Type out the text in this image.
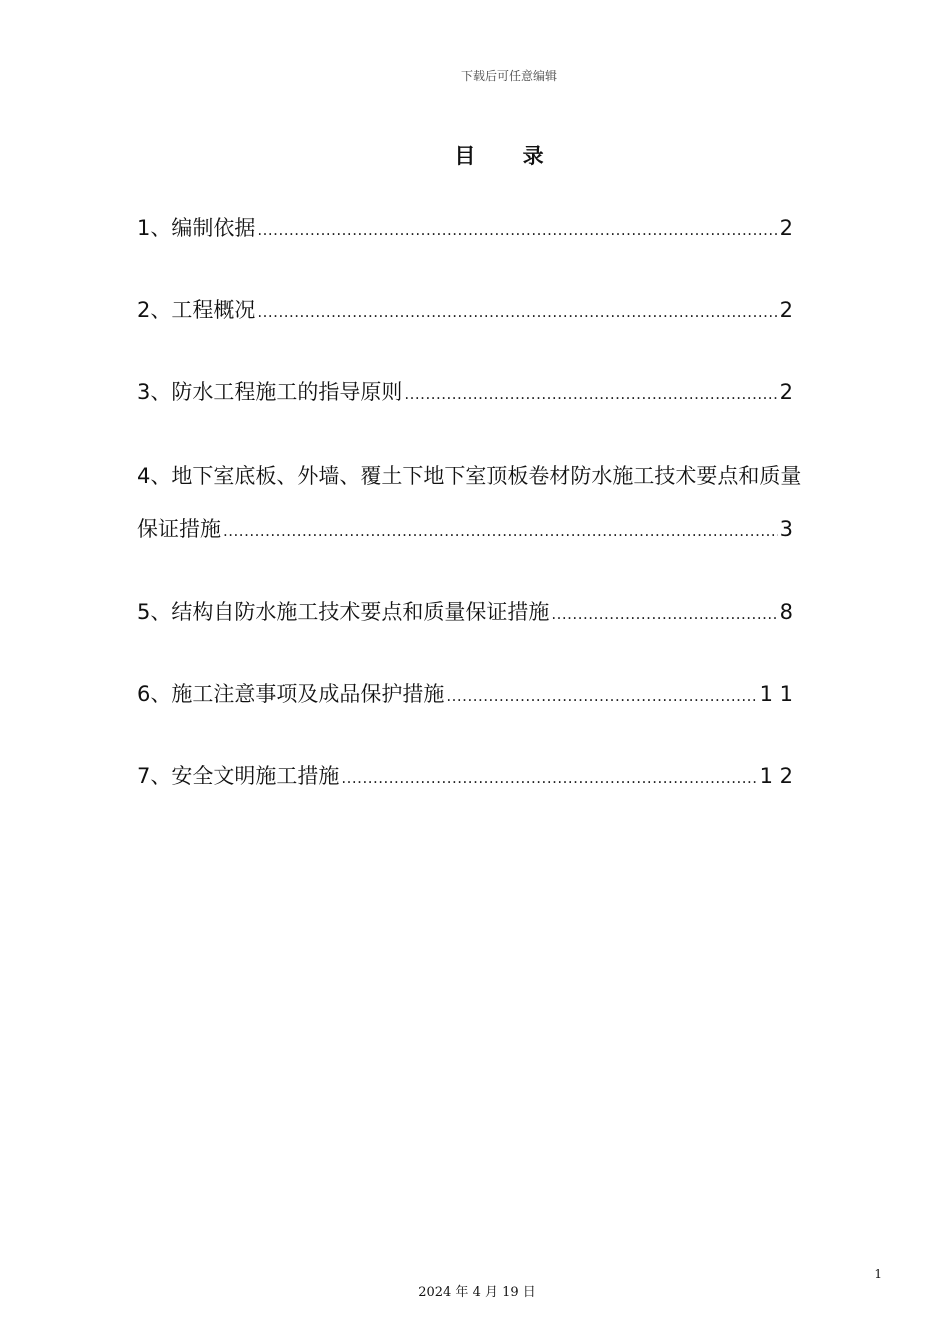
下载后可任意编辑
目 录
1、编制依据 .....	2
2、工程概况 .....	2
3、防水工程施工的指导原则 .....	2
4、地下室底板、外墙、覆土下地下室顶板卷材防水施工技术要点和质量
保证措施 .....	3
5、结构自防水施工技术要点和质量保证措施 .....	8
6、施工注意事项及成品保护措施 .....	1 1
7、安全文明施工措施 .....	1 2
1
2024 年 4 月 19 日
